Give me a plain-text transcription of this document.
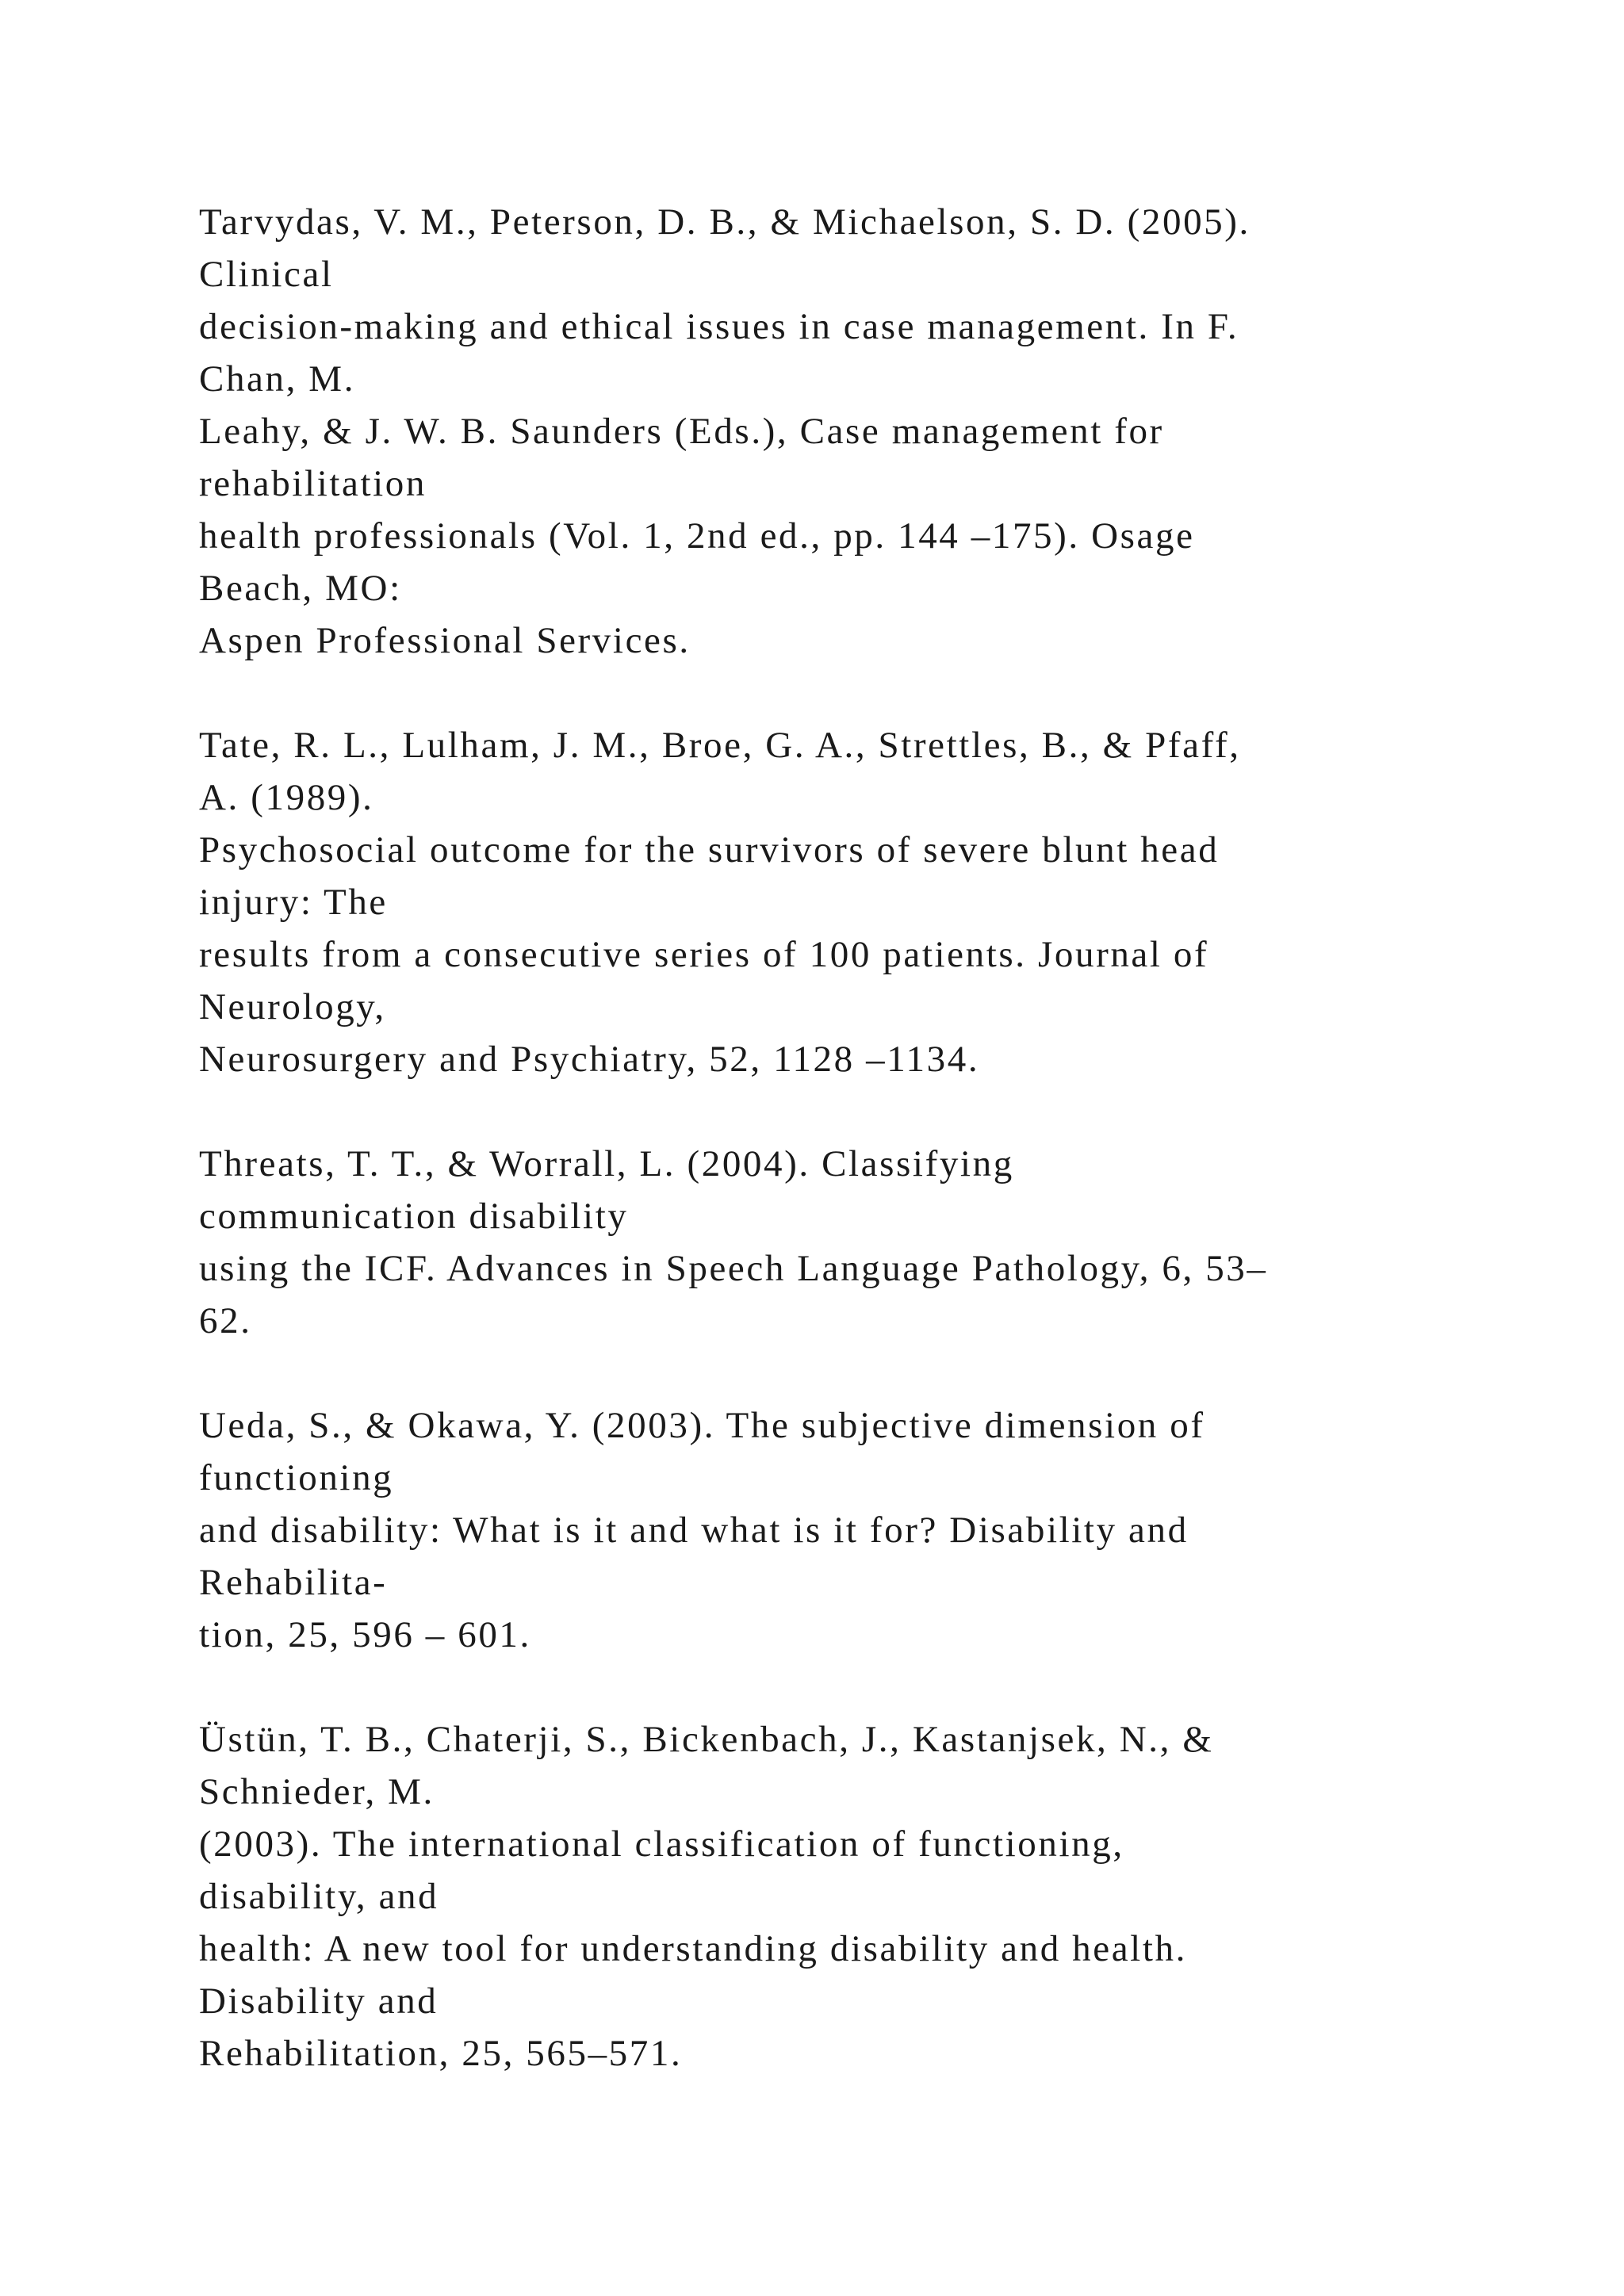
Tarvydas, V. M., Peterson, D. B., & Michaelson, S. D. (2005).
Clinical
decision-making and ethical issues in case management. In F.
Chan, M.
Leahy, & J. W. B. Saunders (Eds.), Case management for
rehabilitation
health professionals (Vol. 1, 2nd ed., pp. 144 –175). Osage
Beach, MO:
Aspen Professional Services.
Tate, R. L., Lulham, J. M., Broe, G. A., Strettles, B., & Pfaff,
A. (1989).
Psychosocial outcome for the survivors of severe blunt head
injury: The
results from a consecutive series of 100 patients. Journal of
Neurology,
Neurosurgery and Psychiatry, 52, 1128 –1134.
Threats, T. T., & Worrall, L. (2004). Classifying
communication disability
using the ICF. Advances in Speech Language Pathology, 6, 53–
62.
Ueda, S., & Okawa, Y. (2003). The subjective dimension of
functioning
and disability: What is it and what is it for? Disability and
Rehabilita-
tion, 25, 596 – 601.
Üstün, T. B., Chaterji, S., Bickenbach, J., Kastanjsek, N., &
Schnieder, M.
(2003). The international classification of functioning,
disability, and
health: A new tool for understanding disability and health.
Disability and
Rehabilitation, 25, 565–571.
